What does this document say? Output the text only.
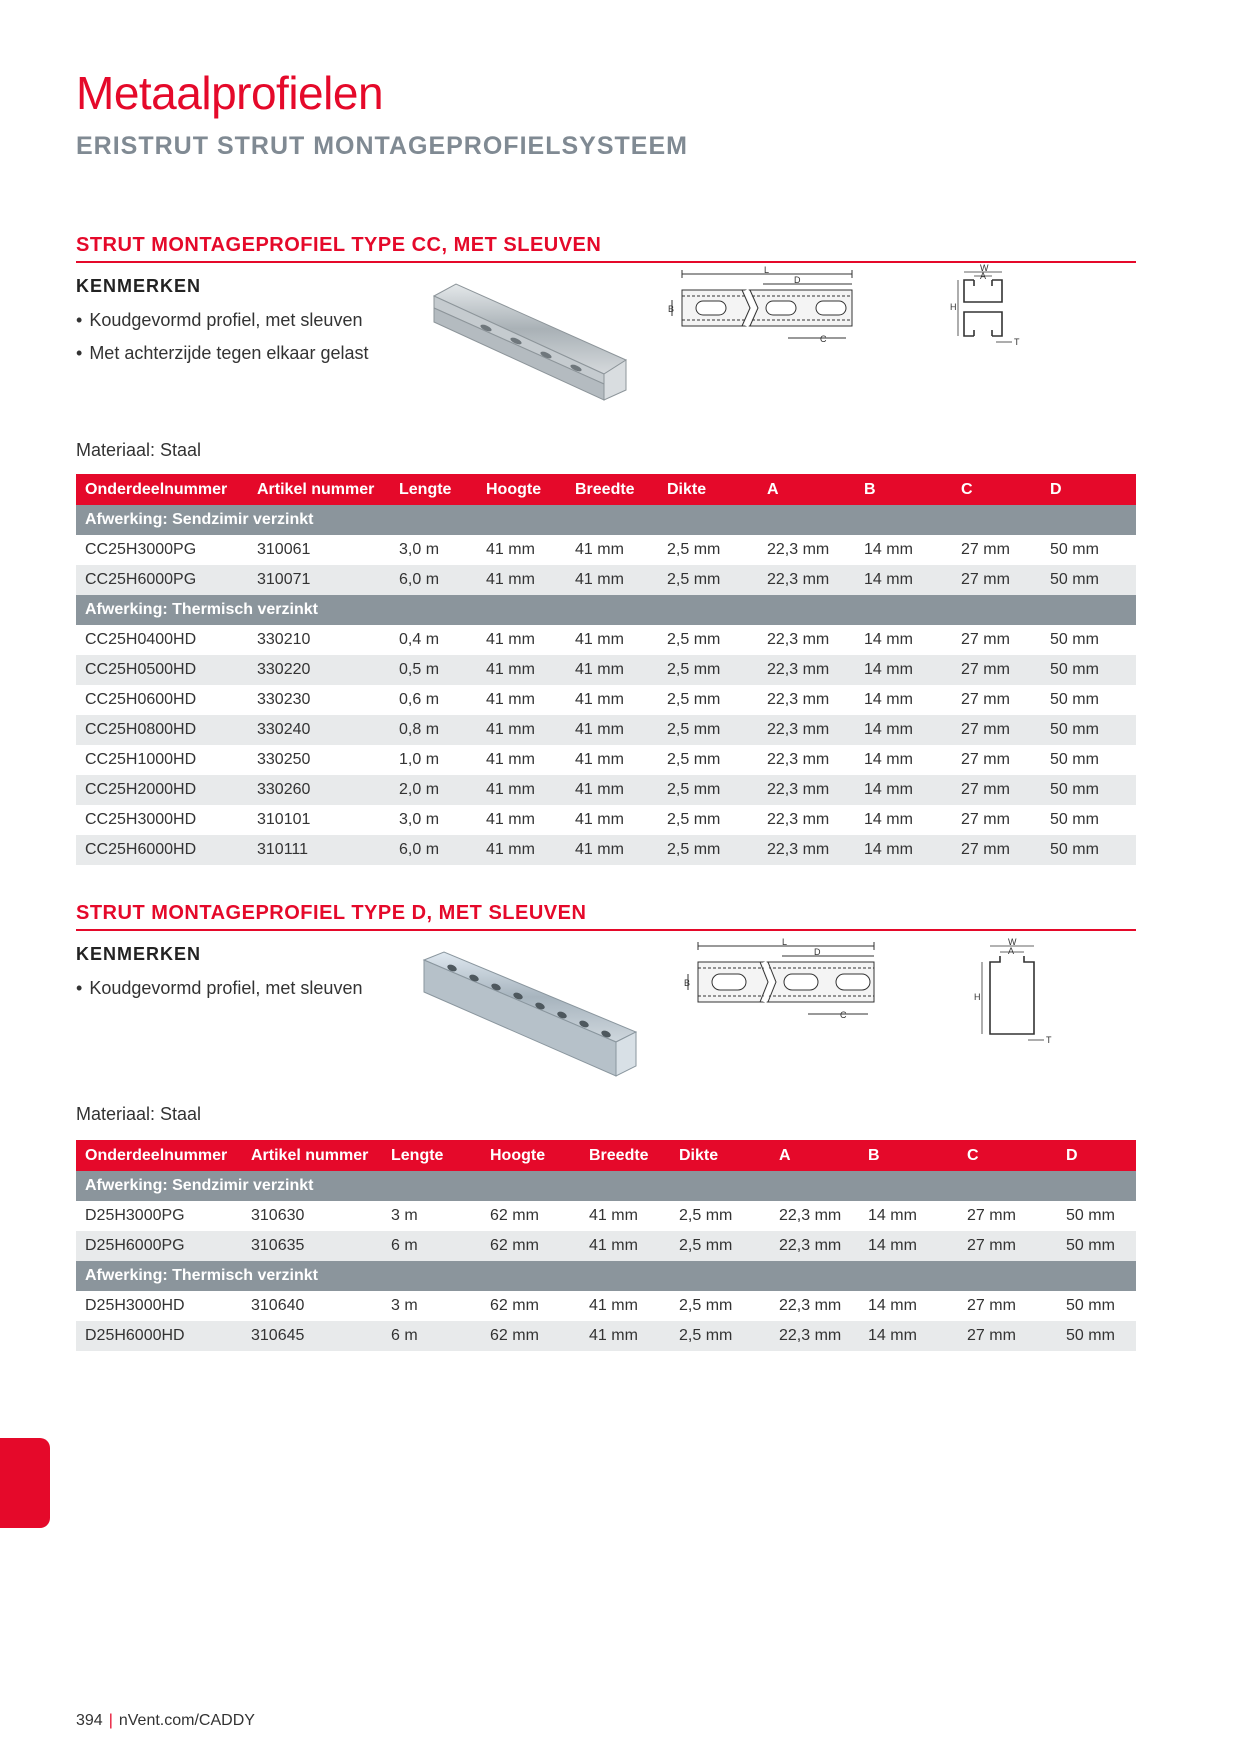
Metaalprofielen
ERISTRUT STRUT MONTAGEPROFIELSYSTEEM
STRUT MONTAGEPROFIEL TYPE CC, MET SLEUVEN
KENMERKEN
• Koudgevormd profiel, met sleuven
• Met achterzijde tegen elkaar gelast
L
D
B
C
W
A
H
T
Materiaal: Staal
Onderdeelnummer	Artikel nummer	Lengte	Hoogte	Breedte	Dikte	A	B	C	D
Afwerking: Sendzimir verzinkt									
CC25H3000PG	310061	3,0 m	41 mm	41 mm	2,5 mm	22,3 mm	14 mm	27 mm	50 mm
CC25H6000PG	310071	6,0 m	41 mm	41 mm	2,5 mm	22,3 mm	14 mm	27 mm	50 mm
Afwerking: Thermisch verzinkt									
CC25H0400HD	330210	0,4 m	41 mm	41 mm	2,5 mm	22,3 mm	14 mm	27 mm	50 mm
CC25H0500HD	330220	0,5 m	41 mm	41 mm	2,5 mm	22,3 mm	14 mm	27 mm	50 mm
CC25H0600HD	330230	0,6 m	41 mm	41 mm	2,5 mm	22,3 mm	14 mm	27 mm	50 mm
CC25H0800HD	330240	0,8 m	41 mm	41 mm	2,5 mm	22,3 mm	14 mm	27 mm	50 mm
CC25H1000HD	330250	1,0 m	41 mm	41 mm	2,5 mm	22,3 mm	14 mm	27 mm	50 mm
CC25H2000HD	330260	2,0 m	41 mm	41 mm	2,5 mm	22,3 mm	14 mm	27 mm	50 mm
CC25H3000HD	310101	3,0 m	41 mm	41 mm	2,5 mm	22,3 mm	14 mm	27 mm	50 mm
CC25H6000HD	310111	6,0 m	41 mm	41 mm	2,5 mm	22,3 mm	14 mm	27 mm	50 mm
STRUT MONTAGEPROFIEL TYPE D, MET SLEUVEN
KENMERKEN
• Koudgevormd profiel, met sleuven
L
D
B
C
W
A
H
T
Materiaal: Staal
Onderdeelnummer	Artikel nummer	Lengte	Hoogte	Breedte	Dikte	A	B	C	D
Afwerking: Sendzimir verzinkt									
D25H3000PG	310630	3 m	62 mm	41 mm	2,5 mm	22,3 mm	14 mm	27 mm	50 mm
D25H6000PG	310635	6 m	62 mm	41 mm	2,5 mm	22,3 mm	14 mm	27 mm	50 mm
Afwerking: Thermisch verzinkt									
D25H3000HD	310640	3 m	62 mm	41 mm	2,5 mm	22,3 mm	14 mm	27 mm	50 mm
D25H6000HD	310645	6 m	62 mm	41 mm	2,5 mm	22,3 mm	14 mm	27 mm	50 mm
394 | nVent.com/CADDY
